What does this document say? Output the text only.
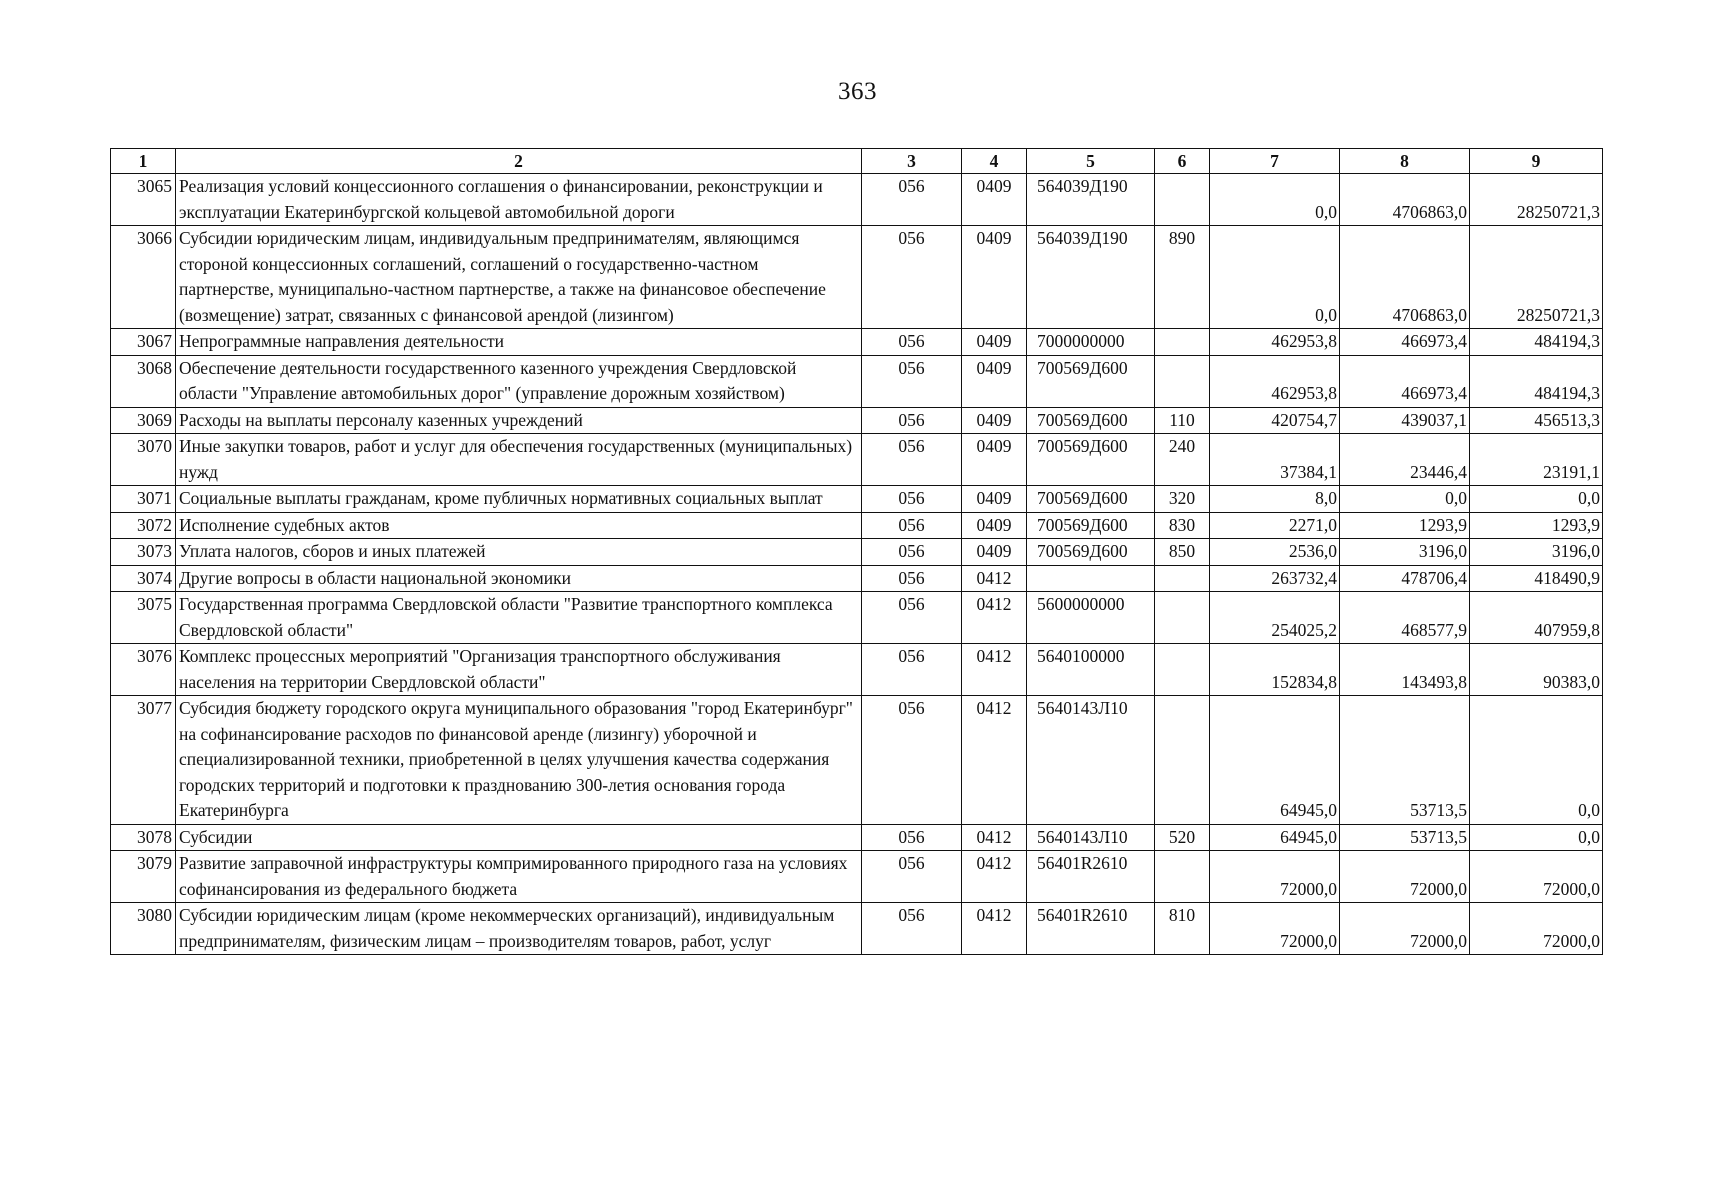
363
1	2	3	4	5	6	7	8	9
3065	Реализация условий концессионного соглашения о финансировании, реконструкции и эксплуатации Екатеринбургской кольцевой автомобильной дороги	056	0409	564039Д190		0,0	4706863,0	28250721,3
3066	Субсидии юридическим лицам, индивидуальным предпринимателям, являющимся стороной концессионных соглашений, соглашений о государственно-частном партнерстве, муниципально-частном партнерстве, а также на финансовое обеспечение (возмещение) затрат, связанных с финансовой арендой (лизингом)	056	0409	564039Д190	890	0,0	4706863,0	28250721,3
3067	Непрограммные направления деятельности	056	0409	7000000000		462953,8	466973,4	484194,3
3068	Обеспечение деятельности государственного казенного учреждения Свердловской области "Управление автомобильных дорог" (управление дорожным хозяйством)	056	0409	700569Д600		462953,8	466973,4	484194,3
3069	Расходы на выплаты персоналу казенных учреждений	056	0409	700569Д600	110	420754,7	439037,1	456513,3
3070	Иные закупки товаров, работ и услуг для обеспечения государственных (муниципальных) нужд	056	0409	700569Д600	240	37384,1	23446,4	23191,1
3071	Социальные выплаты гражданам, кроме публичных нормативных социальных выплат	056	0409	700569Д600	320	8,0	0,0	0,0
3072	Исполнение судебных актов	056	0409	700569Д600	830	2271,0	1293,9	1293,9
3073	Уплата налогов, сборов и иных платежей	056	0409	700569Д600	850	2536,0	3196,0	3196,0
3074	Другие вопросы в области национальной экономики	056	0412			263732,4	478706,4	418490,9
3075	Государственная программа Свердловской области "Развитие транспортного комплекса Свердловской области"	056	0412	5600000000		254025,2	468577,9	407959,8
3076	Комплекс процессных мероприятий "Организация транспортного обслуживания населения на территории Свердловской области"	056	0412	5640100000		152834,8	143493,8	90383,0
3077	Субсидия бюджету городского округа муниципального образования "город Екатеринбург" на софинансирование расходов по финансовой аренде (лизингу) уборочной и специализированной техники, приобретенной в целях улучшения качества содержания городских территорий и подготовки к празднованию 300-летия основания города Екатеринбурга	056	0412	5640143Л10		64945,0	53713,5	0,0
3078	Субсидии	056	0412	5640143Л10	520	64945,0	53713,5	0,0
3079	Развитие заправочной инфраструктуры компримированного природного газа на условиях софинансирования из федерального бюджета	056	0412	56401R2610		72000,0	72000,0	72000,0
3080	Субсидии юридическим лицам (кроме некоммерческих организаций), индивидуальным предпринимателям, физическим лицам – производителям товаров, работ, услуг	056	0412	56401R2610	810	72000,0	72000,0	72000,0
